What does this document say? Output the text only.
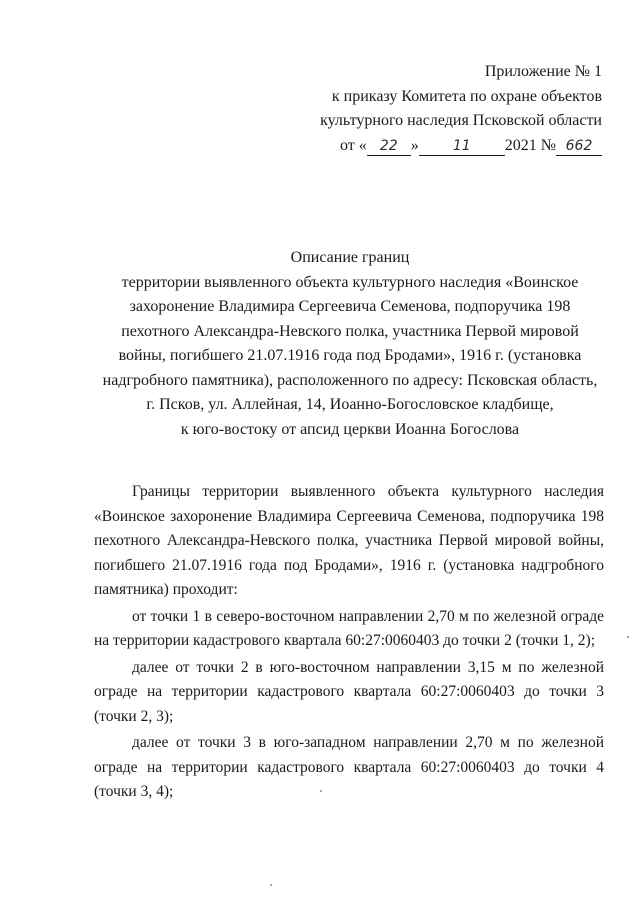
Приложение № 1
к приказу Комитета по охране объектов
культурного наследия Псковской области
от « 22 » 11 2021 № 662
Описание границ
территории выявленного объекта культурного наследия «Воинское
захоронение Владимира Сергеевича Семенова, подпоручика 198
пехотного Александра-Невского полка, участника Первой мировой
войны, погибшего 21.07.1916 года под Бродами», 1916 г. (установка
надгробного памятника), расположенного по адресу: Псковская область,
г. Псков, ул. Аллейная, 14, Иоанно-Богословское кладбище,
к юго-востоку от апсид церкви Иоанна Богослова

Границы территории выявленного объекта культурного наследия «Воинское захоронение Владимира Сергеевича Семенова, подпоручика 198 пехотного Александра-Невского полка, участника Первой мировой войны, погибшего 21.07.1916 года под Бродами», 1916 г. (установка надгробного памятника) проходит:

от точки 1 в северо-восточном направлении 2,70 м по железной ограде на территории кадастрового квартала 60:27:0060403 до точки 2 (точки 1, 2);

далее от точки 2 в юго-восточном направлении 3,15 м по железной ограде на территории кадастрового квартала 60:27:0060403 до точки 3 (точки 2, 3);

далее от точки 3 в юго-западном направлении 2,70 м по железной ограде на территории кадастрового квартала 60:27:0060403 до точки 4 (точки 3, 4);
